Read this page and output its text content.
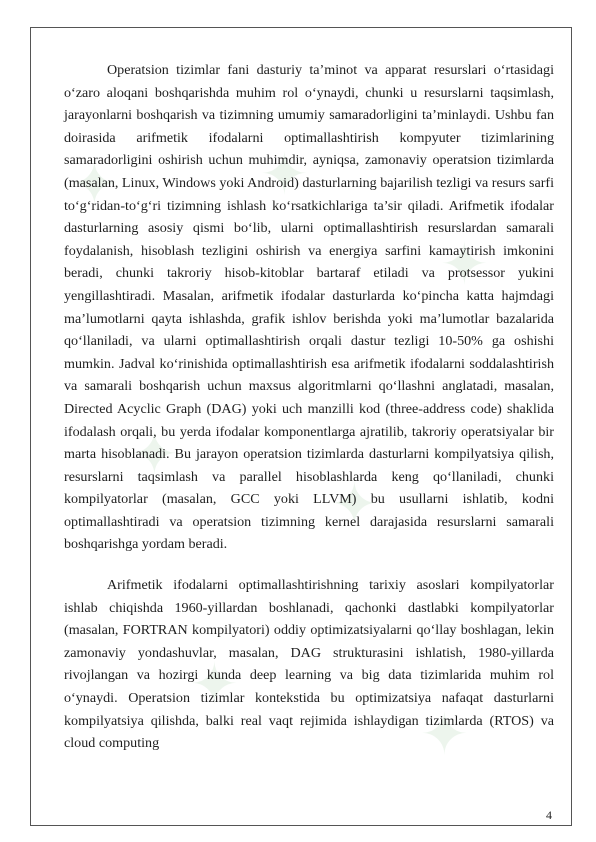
✦ ✦
✦
✦
✦
✦
✦

Operatsion tizimlar fani dasturiy ta’minot va apparat resurslari o‘rtasidagi o‘zaro aloqani boshqarishda muhim rol o‘ynaydi, chunki u resurslarni taqsimlash, jarayonlarni boshqarish va tizimning umumiy samaradorligini ta’minlaydi. Ushbu fan doirasida arifmetik ifodalarni optimallashtirish kompyuter tizimlarining samaradorligini oshirish uchun muhimdir, ayniqsa, zamonaviy operatsion tizimlarda (masalan, Linux, Windows yoki Android) dasturlarning bajarilish tezligi va resurs sarfi to‘g‘ridan-to‘g‘ri tizimning ishlash ko‘rsatkichlariga ta’sir qiladi. Arifmetik ifodalar dasturlarning asosiy qismi bo‘lib, ularni optimallashtirish resurslardan samarali foydalanish, hisoblash tezligini oshirish va energiya sarfini kamaytirish imkonini beradi, chunki takroriy hisob-kitoblar bartaraf etiladi va protsessor yukini yengillashtiradi. Masalan, arifmetik ifodalar dasturlarda ko‘pincha katta hajmdagi ma’lumotlarni qayta ishlashda, grafik ishlov berishda yoki ma’lumotlar bazalarida qo‘llaniladi, va ularni optimallashtirish orqali dastur tezligi 10-50% ga oshishi mumkin. Jadval ko‘rinishida optimallashtirish esa arifmetik ifodalarni soddalashtirish va samarali boshqarish uchun maxsus algoritmlarni qo‘llashni anglatadi, masalan, Directed Acyclic Graph (DAG) yoki uch manzilli kod (three-address code) shaklida ifodalash orqali, bu yerda ifodalar komponentlarga ajratilib, takroriy operatsiyalar bir marta hisoblanadi. Bu jarayon operatsion tizimlarda dasturlarni kompilyatsiya qilish, resurslarni taqsimlash va parallel hisoblashlarda keng qo‘llaniladi, chunki kompilyatorlar (masalan, GCC yoki LLVM) bu usullarni ishlatib, kodni optimallashtiradi va operatsion tizimning kernel darajasida resurslarni samarali boshqarishga yordam beradi.

Arifmetik ifodalarni optimallashtirishning tarixiy asoslari kompilyatorlar ishlab chiqishda 1960-yillardan boshlanadi, qachonki dastlabki kompilyatorlar (masalan, FORTRAN kompilyatori) oddiy optimizatsiyalarni qo‘llay boshlagan, lekin zamonaviy yondashuvlar, masalan, DAG strukturasini ishlatish, 1980-yillarda rivojlangan va hozirgi kunda deep learning va big data tizimlarida muhim rol o‘ynaydi. Operatsion tizimlar kontekstida bu optimizatsiya nafaqat dasturlarni kompilyatsiya qilishda, balki real vaqt rejimida ishlaydigan tizimlarda (RTOS) va cloud computing

4
